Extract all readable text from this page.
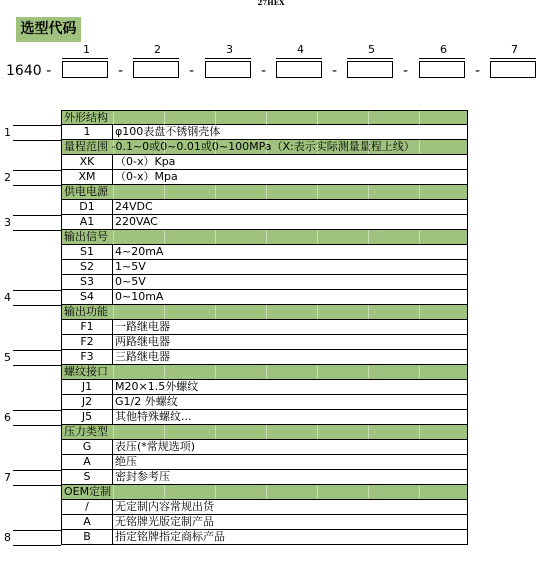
27HEX
选型代码
1640 -
1
-
2
-
3
-
4
-
5
-
6
-
7
外形结构
1	φ100表盘不锈钢壳体
量程范围 -0.1~0或0~0.01或0~100MPa（X:表示实际测量量程上线）
XK	（0-x）Kpa
XM	（0-x）Mpa
供电电源
D1	24VDC
A1	220VAC
输出信号
S1	4~20mA
S2	1~5V
S3	0~5V
S4	0~10mA
输出功能
F1	一路继电器
F2	两路继电器
F3	三路继电器
螺纹接口
J1	M20×1.5外螺纹
J2	G1/2 外螺纹
J5	其他特殊螺纹...
压力类型
G	表压(*常规选项)
A	绝压
S	密封参考压
OEM定制
/	无定制内容常规出货
A	无铭牌光版定制产品
B	指定铭牌指定商标产品
1
2
3
4
5
6
7
8
